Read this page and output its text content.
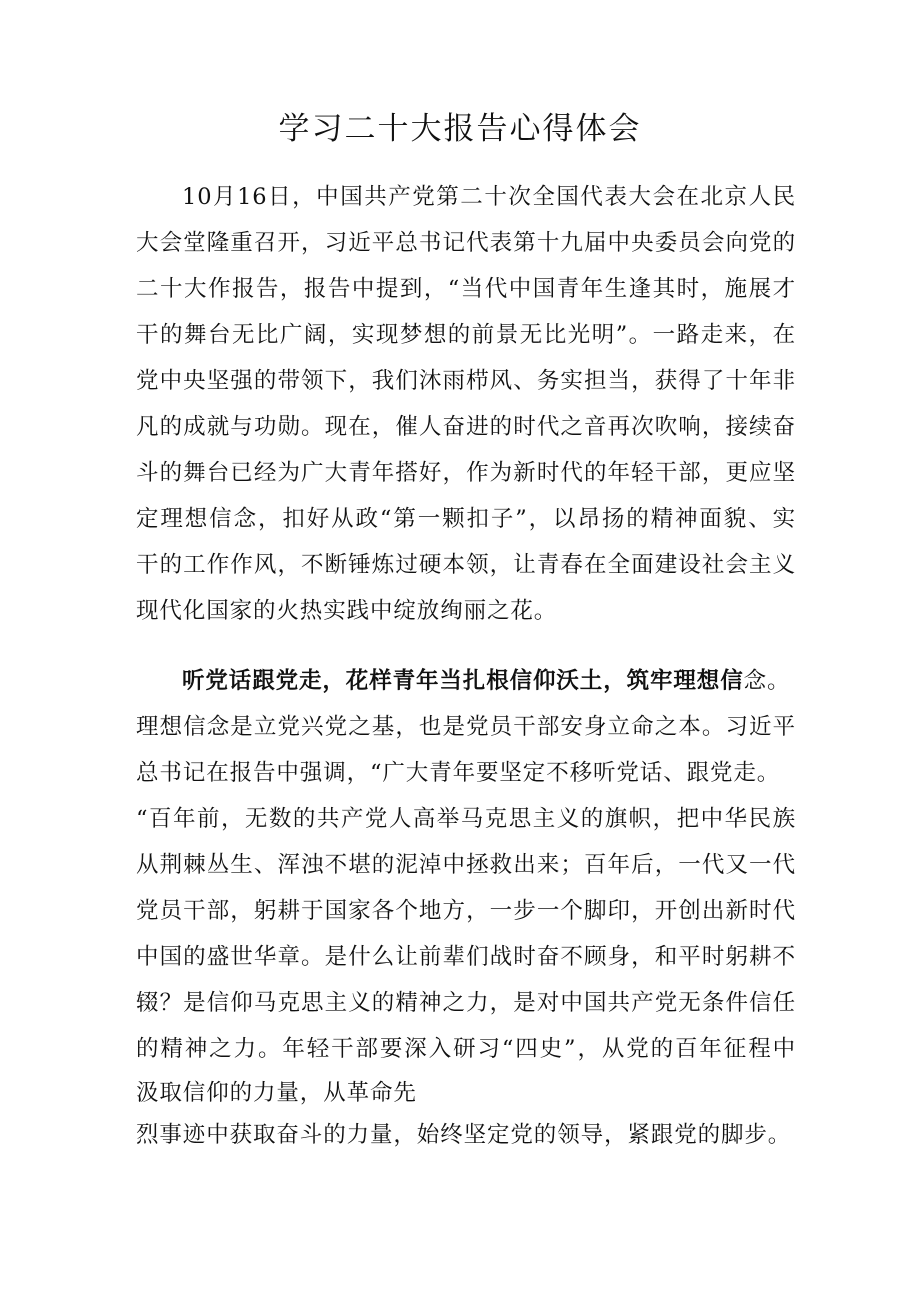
学习二十大报告心得体会
10月16日，中国共产党第二十次全国代表大会在北京人民
大会堂隆重召开，习近平总书记代表第十九届中央委员会向党的
二十大作报告，报告中提到，“当代中国青年生逢其时，施展才
干的舞台无比广阔，实现梦想的前景无比光明”。一路走来，在
党中央坚强的带领下，我们沐雨栉风、务实担当，获得了十年非
凡的成就与功勋。现在，催人奋进的时代之音再次吹响，接续奋
斗的舞台已经为广大青年搭好，作为新时代的年轻干部，更应坚
定理想信念，扣好从政“第一颗扣子”，以昂扬的精神面貌、实
干的工作作风，不断锤炼过硬本领，让青春在全面建设社会主义
现代化国家的火热实践中绽放绚丽之花。
听党话跟党走，花样青年当扎根信仰沃土，筑牢理想信念。
理想信念是立党兴党之基，也是党员干部安身立命之本。习近平
总书记在报告中强调，“广大青年要坚定不移听党话、跟党走。
“百年前，无数的共产党人高举马克思主义的旗帜，把中华民族
从荆棘丛生、浑浊不堪的泥淖中拯救出来；百年后，一代又一代
党员干部，躬耕于国家各个地方，一步一个脚印，开创出新时代
中国的盛世华章。是什么让前辈们战时奋不顾身，和平时躬耕不
辍？是信仰马克思主义的精神之力，是对中国共产党无条件信任
的精神之力。年轻干部要深入研习“四史”，从党的百年征程中
汲取信仰的力量，从革命先
烈事迹中获取奋斗的力量，始终坚定党的领导，紧跟党的脚步。
